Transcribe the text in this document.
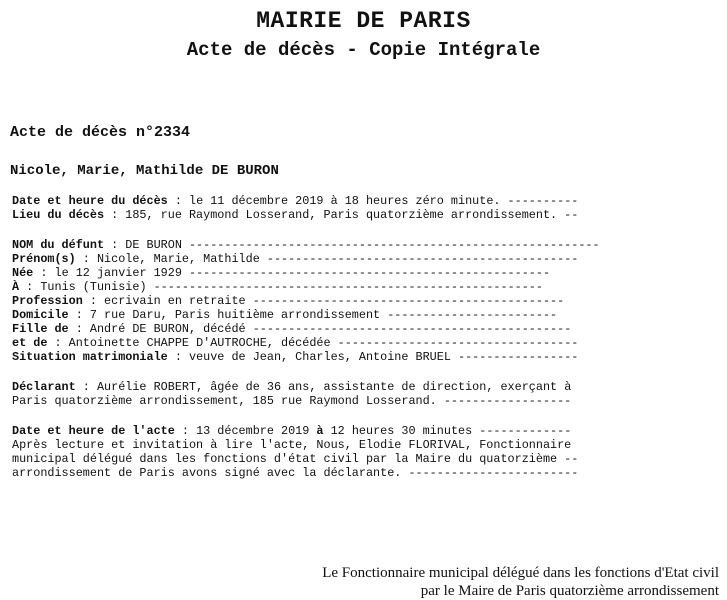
MAIRIE DE PARIS
Acte de décès - Copie Intégrale
Acte de décès n°2334
Nicole, Marie, Mathilde DE BURON
Date et heure du décès : le 11 décembre 2019 à 18 heures zéro minute. ----------
Lieu du décès : 185, rue Raymond Losserand, Paris quatorzième arrondissement. --
NOM du défunt : DE BURON ----------------------------------------------------------
Prénom(s) : Nicole, Marie, Mathilde --------------------------------------------
Née : le 12 janvier 1929 ---------------------------------------------------
À : Tunis (Tunisie) -------------------------------------------------------
Profession : ecrivain en retraite --------------------------------------------
Domicile : 7 rue Daru, Paris huitième arrondissement ------------------------
Fille de : André DE BURON, décédé ---------------------------------------------
et de : Antoinette CHAPPE D'AUTROCHE, décédée ----------------------------------
Situation matrimoniale : veuve de Jean, Charles, Antoine BRUEL -----------------
Déclarant : Aurélie ROBERT, âgée de 36 ans, assistante de direction, exerçant à
Paris quatorzième arrondissement, 185 rue Raymond Losserand. ------------------
Date et heure de l'acte : 13 décembre 2019 à 12 heures 30 minutes -------------
Après lecture et invitation à lire l'acte, Nous, Elodie FLORIVAL, Fonctionnaire
municipal délégué dans les fonctions d'état civil par la Maire du quatorzième --
arrondissement de Paris avons signé avec la déclarante. ------------------------
Le Fonctionnaire municipal délégué dans les fonctions d'Etat civil
par le Maire de Paris quatorzième arrondissement
